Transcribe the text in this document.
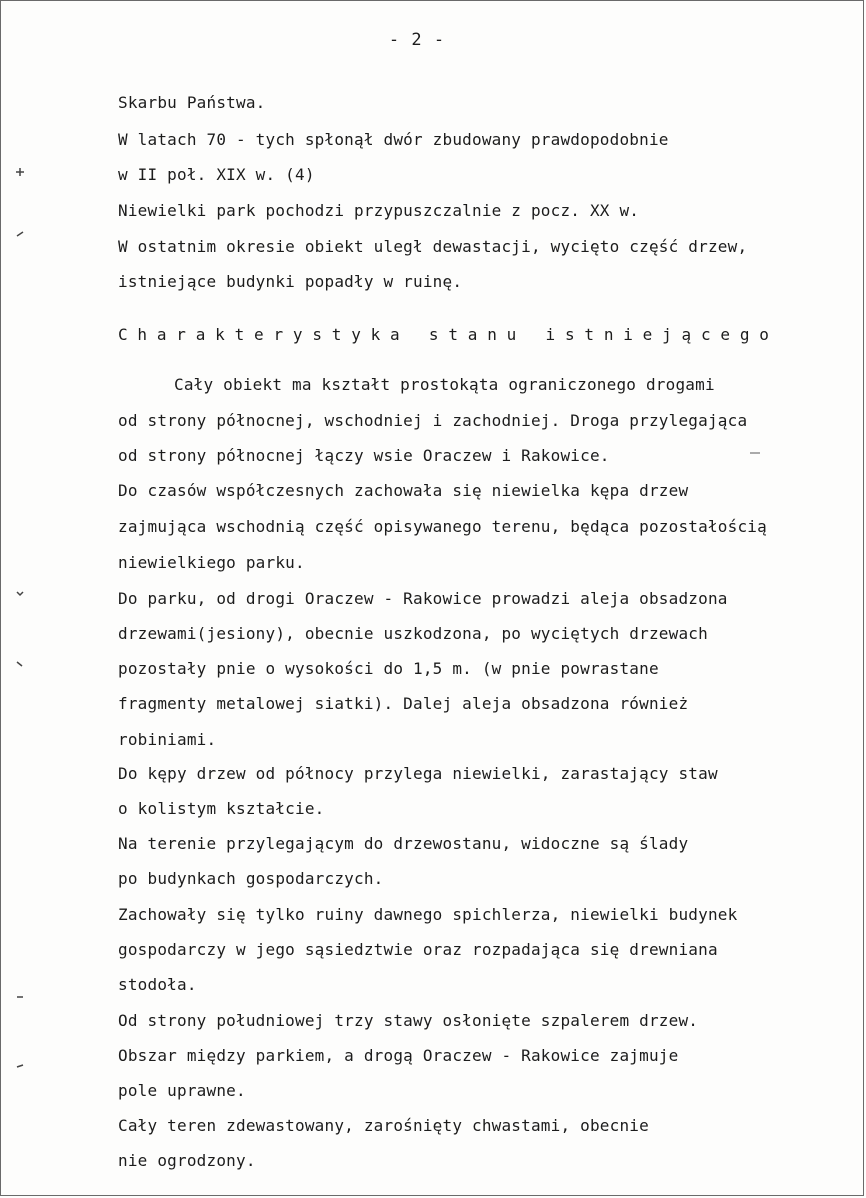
- 2 -
Skarbu Państwa.
W latach 70 - tych spłonął dwór zbudowany prawdopodobnie
w II poł. XIX w. (4)
Niewielki park pochodzi przypuszczalnie z pocz. XX w.
W ostatnim okresie obiekt uległ dewastacji, wycięto część drzew,
istniejące budynki popadły w ruinę.
Charakterystyka stanu istniejącego
Cały obiekt ma kształt prostokąta ograniczonego drogami
od strony północnej, wschodniej i zachodniej. Droga przylegająca
od strony północnej łączy wsie Oraczew i Rakowice.
Do czasów współczesnych zachowała się niewielka kępa drzew
zajmująca wschodnią część opisywanego terenu, będąca pozostałością
niewielkiego parku.
Do parku, od drogi Oraczew - Rakowice prowadzi aleja obsadzona
drzewami(jesiony), obecnie uszkodzona, po wyciętych drzewach
pozostały pnie o wysokości do 1,5 m. (w pnie powrastane
fragmenty metalowej siatki). Dalej aleja obsadzona również
robiniami.
Do kępy drzew od północy przylega niewielki, zarastający staw
o kolistym kształcie.
Na terenie przylegającym do drzewostanu, widoczne są ślady
po budynkach gospodarczych.
Zachowały się tylko ruiny dawnego spichlerza, niewielki budynek
gospodarczy w jego sąsiedztwie oraz rozpadająca się drewniana
stodoła.
Od strony południowej trzy stawy osłonięte szpalerem drzew.
Obszar między parkiem, a drogą Oraczew - Rakowice zajmuje
pole uprawne.
Cały teren zdewastowany, zarośnięty chwastami, obecnie
nie ogrodzony.
